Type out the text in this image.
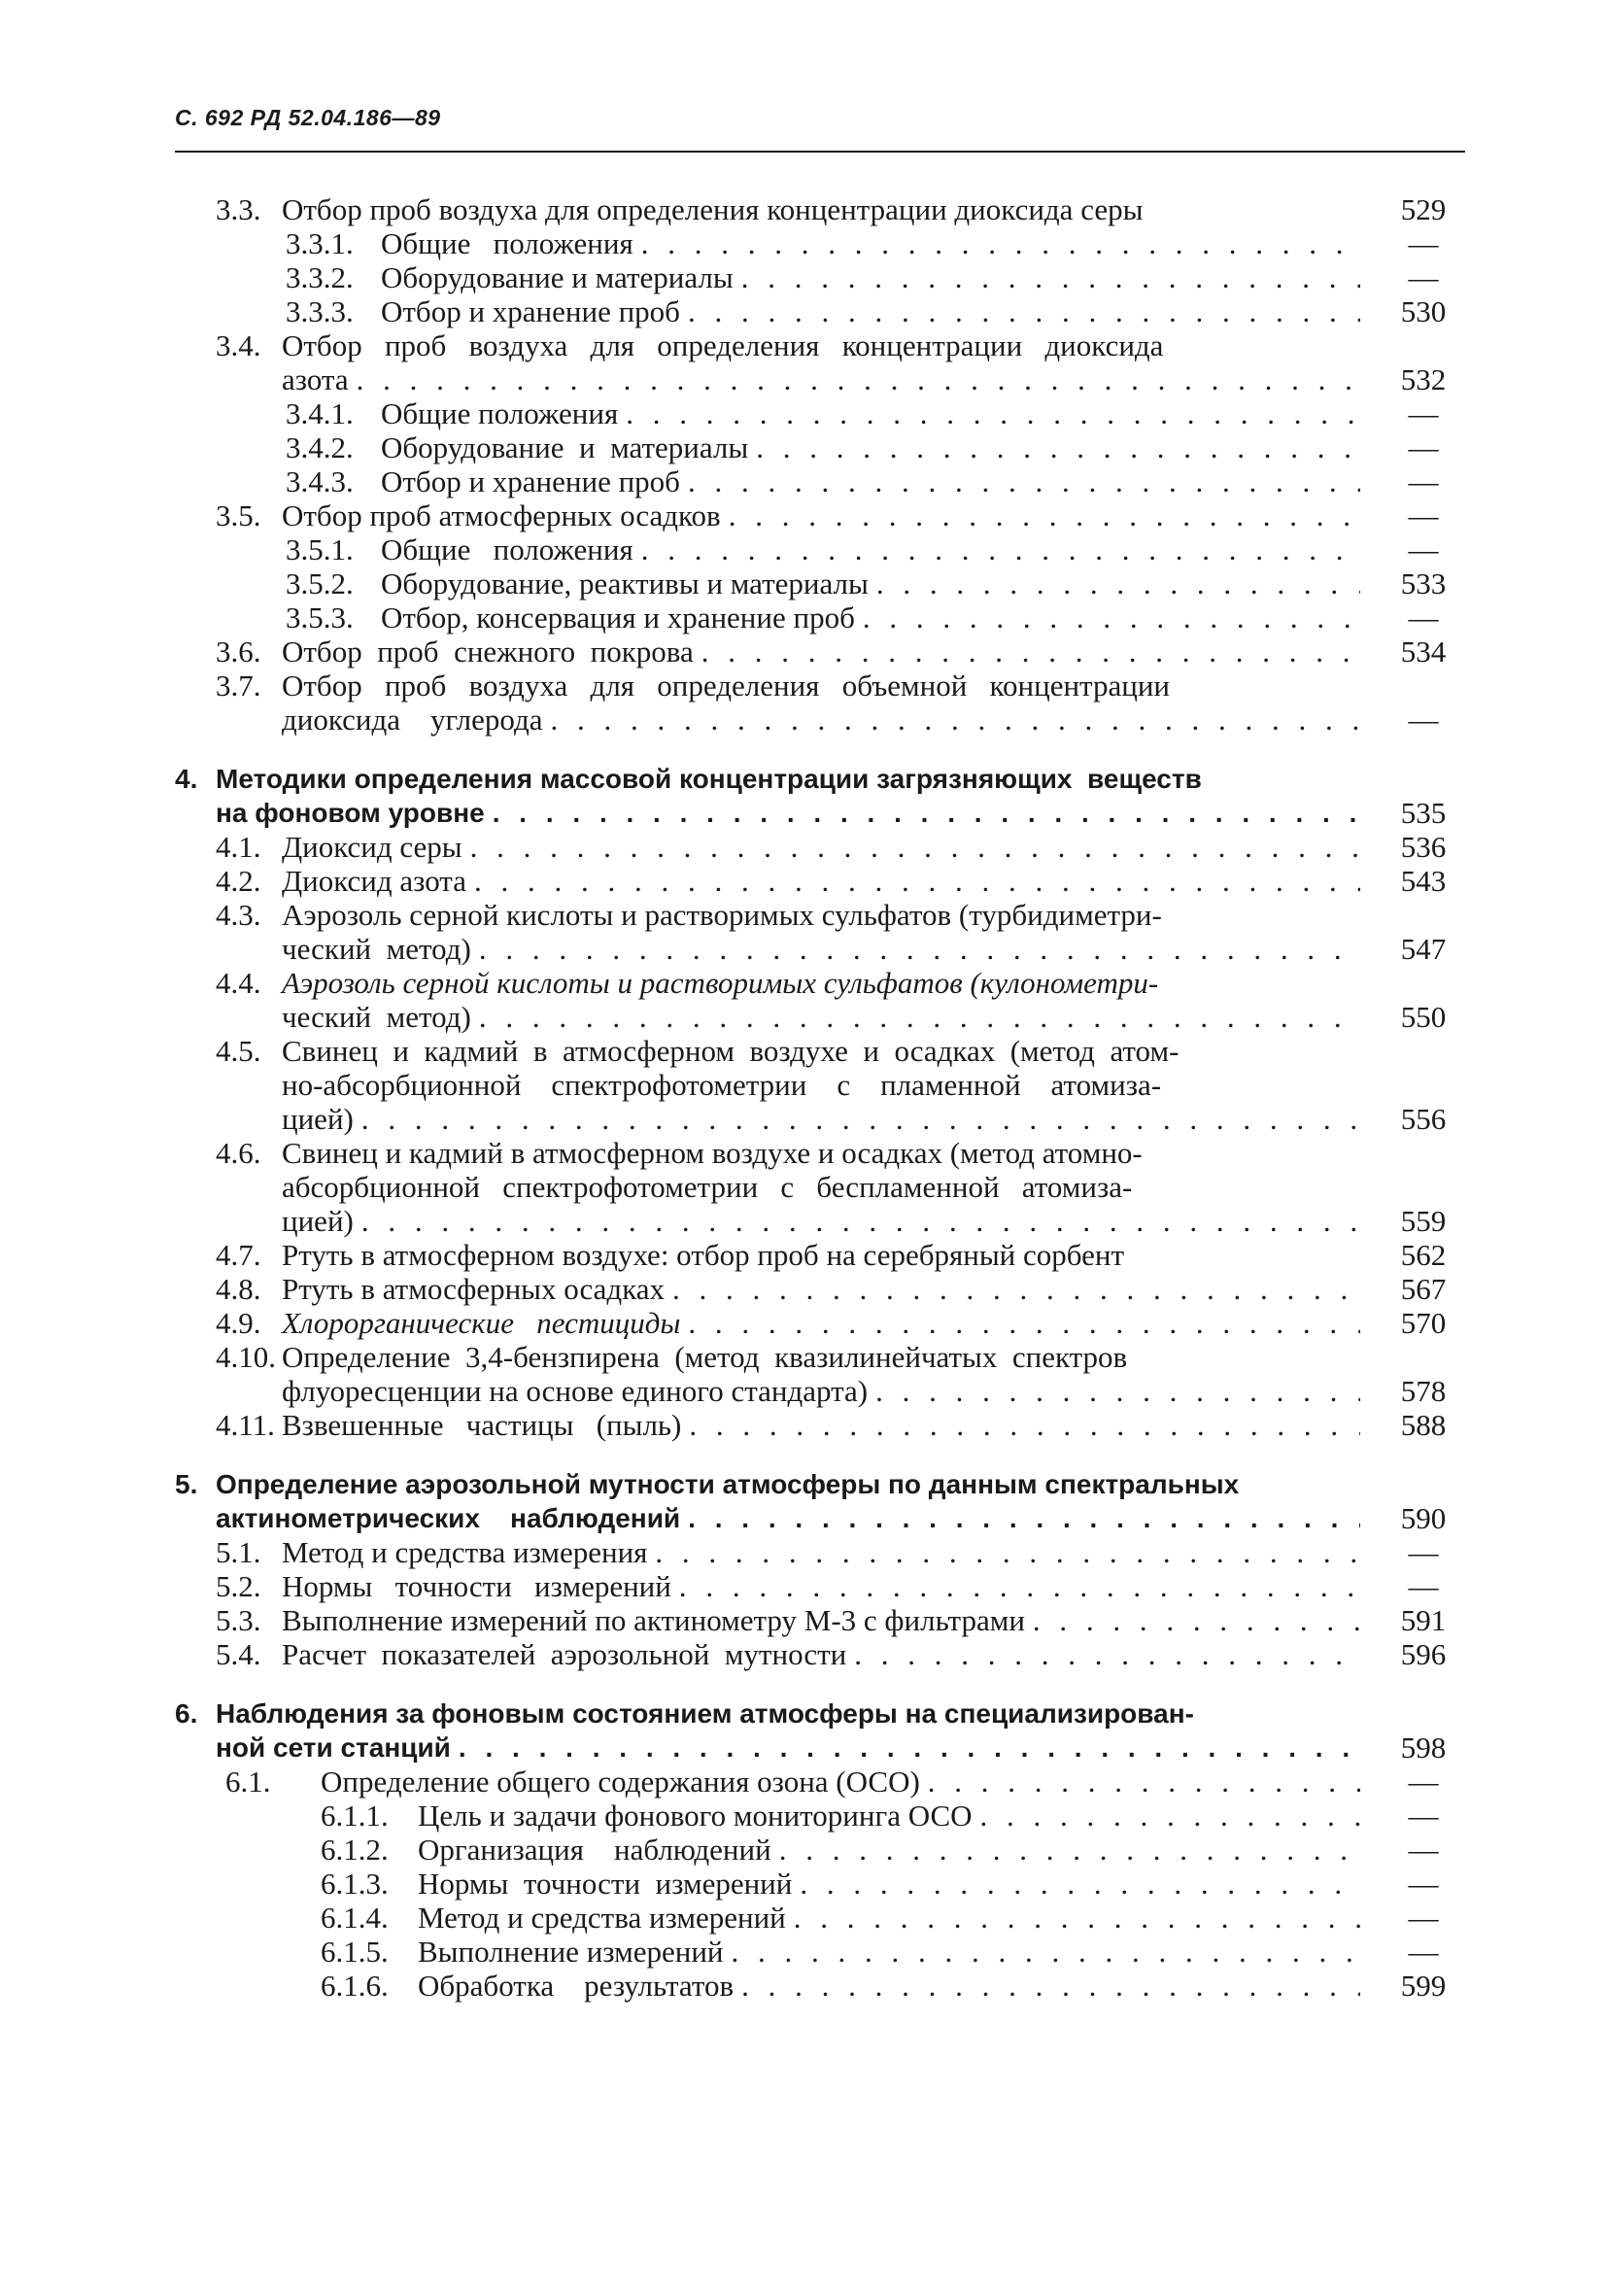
С. 692 РД 52.04.186—89
3.3. Отбор проб воздуха для определения концентрации диоксида серы	529
3.3.1. Общие   положения . . .	—
3.3.2. Оборудование и материалы . . .	—
3.3.3. Отбор и хранение проб . . .	530
3.4. Отбор   проб   воздуха   для   определения   концентрации   диоксида
азота . . .	532
3.4.1. Общие положения . . .	—
3.4.2. Оборудование  и  материалы . . .	—
3.4.3. Отбор и хранение проб . . .	—
3.5. Отбор проб атмосферных осадков . . .	—
3.5.1. Общие   положения . . .	—
3.5.2. Оборудование, реактивы и материалы . . .	533
3.5.3. Отбор, консервация и хранение проб . . .	—
3.6. Отбор  проб  снежного  покрова . . .	534
3.7. Отбор   проб   воздуха   для   определения   объемной   концентрации
диоксида    углерода . . .	—
4. Методики определения массовой концентрации загрязняющих  веществ
на фоновом уровне . . .	535
4.1. Диоксид серы . . .	536
4.2. Диоксид азота . . .	543
4.3. Аэрозоль серной кислоты и растворимых сульфатов (турбидиметри-
ческий  метод) . . .	547
4.4. Аэрозоль серной кислоты и растворимых сульфатов (кулонометри-
ческий  метод) . . .	550
4.5. Свинец  и  кадмий  в  атмосферном  воздухе  и  осадках  (метод  атом-
но-абсорбционной    спектрофотометрии    с    пламенной    атомиза-
цией) . . .	556
4.6. Свинец и кадмий в атмосферном воздухе и осадках (метод атомно-
абсорбционной   спектрофотометрии   с   беспламенной   атомиза-
цией) . . .	559
4.7. Ртуть в атмосферном воздухе: отбор проб на серебряный сорбент	562
4.8. Ртуть в атмосферных осадках . . .	567
4.9. Хлорорганические   пестициды . . .	570
4.10. Определение  3,4-бензпирена  (метод  квазилинейчатых  спектров
флуоресценции на основе единого стандарта) . . .	578
4.11. Взвешенные   частицы   (пыль) . . .	588
5. Определение аэрозольной мутности атмосферы по данным спектральных
актинометрических    наблюдений . . .	590
5.1. Метод и средства измерения . . .	—
5.2. Нормы   точности   измерений . . .	—
5.3. Выполнение измерений по актинометру М-3 с фильтрами . . .	591
5.4. Расчет  показателей  аэрозольной  мутности . . .	596
6. Наблюдения за фоновым состоянием атмосферы на специализирован-
ной сети станций . . .	598
6.1. Определение общего содержания озона (ОСО) . . .	—
6.1.1. Цель и задачи фонового мониторинга ОСО . . .	—
6.1.2. Организация    наблюдений . . .	—
6.1.3. Нормы  точности  измерений . . .	—
6.1.4. Метод и средства измерений . . .	—
6.1.5. Выполнение измерений . . .	—
6.1.6. Обработка    результатов . . .	599
